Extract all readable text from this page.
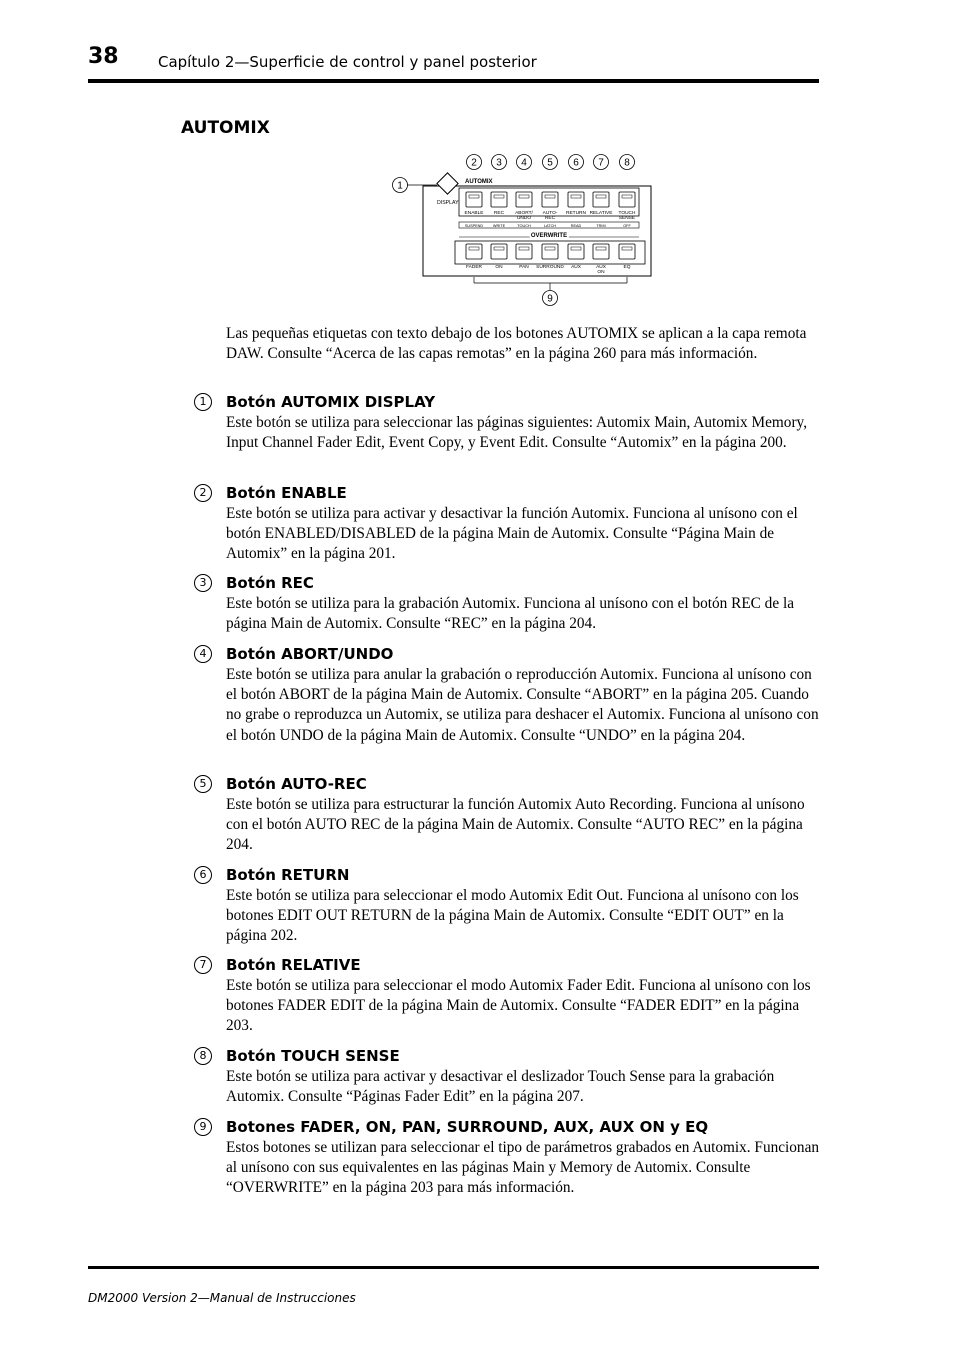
38	Capítulo 2—Superficie de control y panel posterior
AUTOMIX
1
2 3 4 5 6 7 8
9
AUTOMIX
DISPLAY
ENABLE REC ABORT/ UNDO
AUTO-REC
RETURN RELATIVE TOUCH SENSE
SUSPEND	WRITE	TOUCH	LATCH	READ	TRIM	OFF
OVERWRITE
FADER	ON	PAN SURROUND AUX	AUX ON
EQ
Las pequeñas etiquetas con texto debajo de los botones AUTOMIX se aplican a la capa remota DAW. Consulte “Acerca de las capas remotas” en la página 260 para más información.
1	Botón AUTOMIX DISPLAY

Este botón se utiliza para seleccionar las páginas siguientes: Automix Main, Automix Memory, Input Channel Fader Edit, Event Copy, y Event Edit. Consulte “Automix” en la página 200.

2	Botón ENABLE

Este botón se utiliza para activar y desactivar la función Automix. Funciona al unísono con el botón ENABLED/DISABLED de la página Main de Automix. Consulte “Página Main de Automix” en la página 201.

3	Botón REC

Este botón se utiliza para la grabación Automix. Funciona al unísono con el botón REC de la página Main de Automix. Consulte “REC” en la página 204.

4	Botón ABORT/UNDO

Este botón se utiliza para anular la grabación o reproducción Automix. Funciona al unísono con el botón ABORT de la página Main de Automix. Consulte “ABORT” en la página 205. Cuando no grabe o reproduzca un Automix, se utiliza para deshacer el Automix. Funciona al unísono con el botón UNDO de la página Main de Automix. Consulte “UNDO” en la página 204.

5	Botón AUTO-REC

Este botón se utiliza para estructurar la función Automix Auto Recording. Funciona al unísono con el botón AUTO REC de la página Main de Automix. Consulte “AUTO REC” en la página 204.

6	Botón RETURN

Este botón se utiliza para seleccionar el modo Automix Edit Out. Funciona al unísono con los botones EDIT OUT RETURN de la página Main de Automix. Consulte “EDIT OUT” en la página 202.

7	Botón RELATIVE

Este botón se utiliza para seleccionar el modo Automix Fader Edit. Funciona al unísono con los botones FADER EDIT de la página Main de Automix. Consulte “FADER EDIT” en la página 203.

8	Botón TOUCH SENSE

Este botón se utiliza para activar y desactivar el deslizador Touch Sense para la grabación Automix. Consulte “Páginas Fader Edit” en la página 207.

9	Botones FADER, ON, PAN, SURROUND, AUX, AUX ON y EQ

Estos botones se utilizan para seleccionar el tipo de parámetros grabados en Automix. Funcionan al unísono con sus equivalentes en las páginas Main y Memory de Automix. Consulte “OVERWRITE” en la página 203 para más información.

DM2000 Version 2—Manual de Instrucciones
